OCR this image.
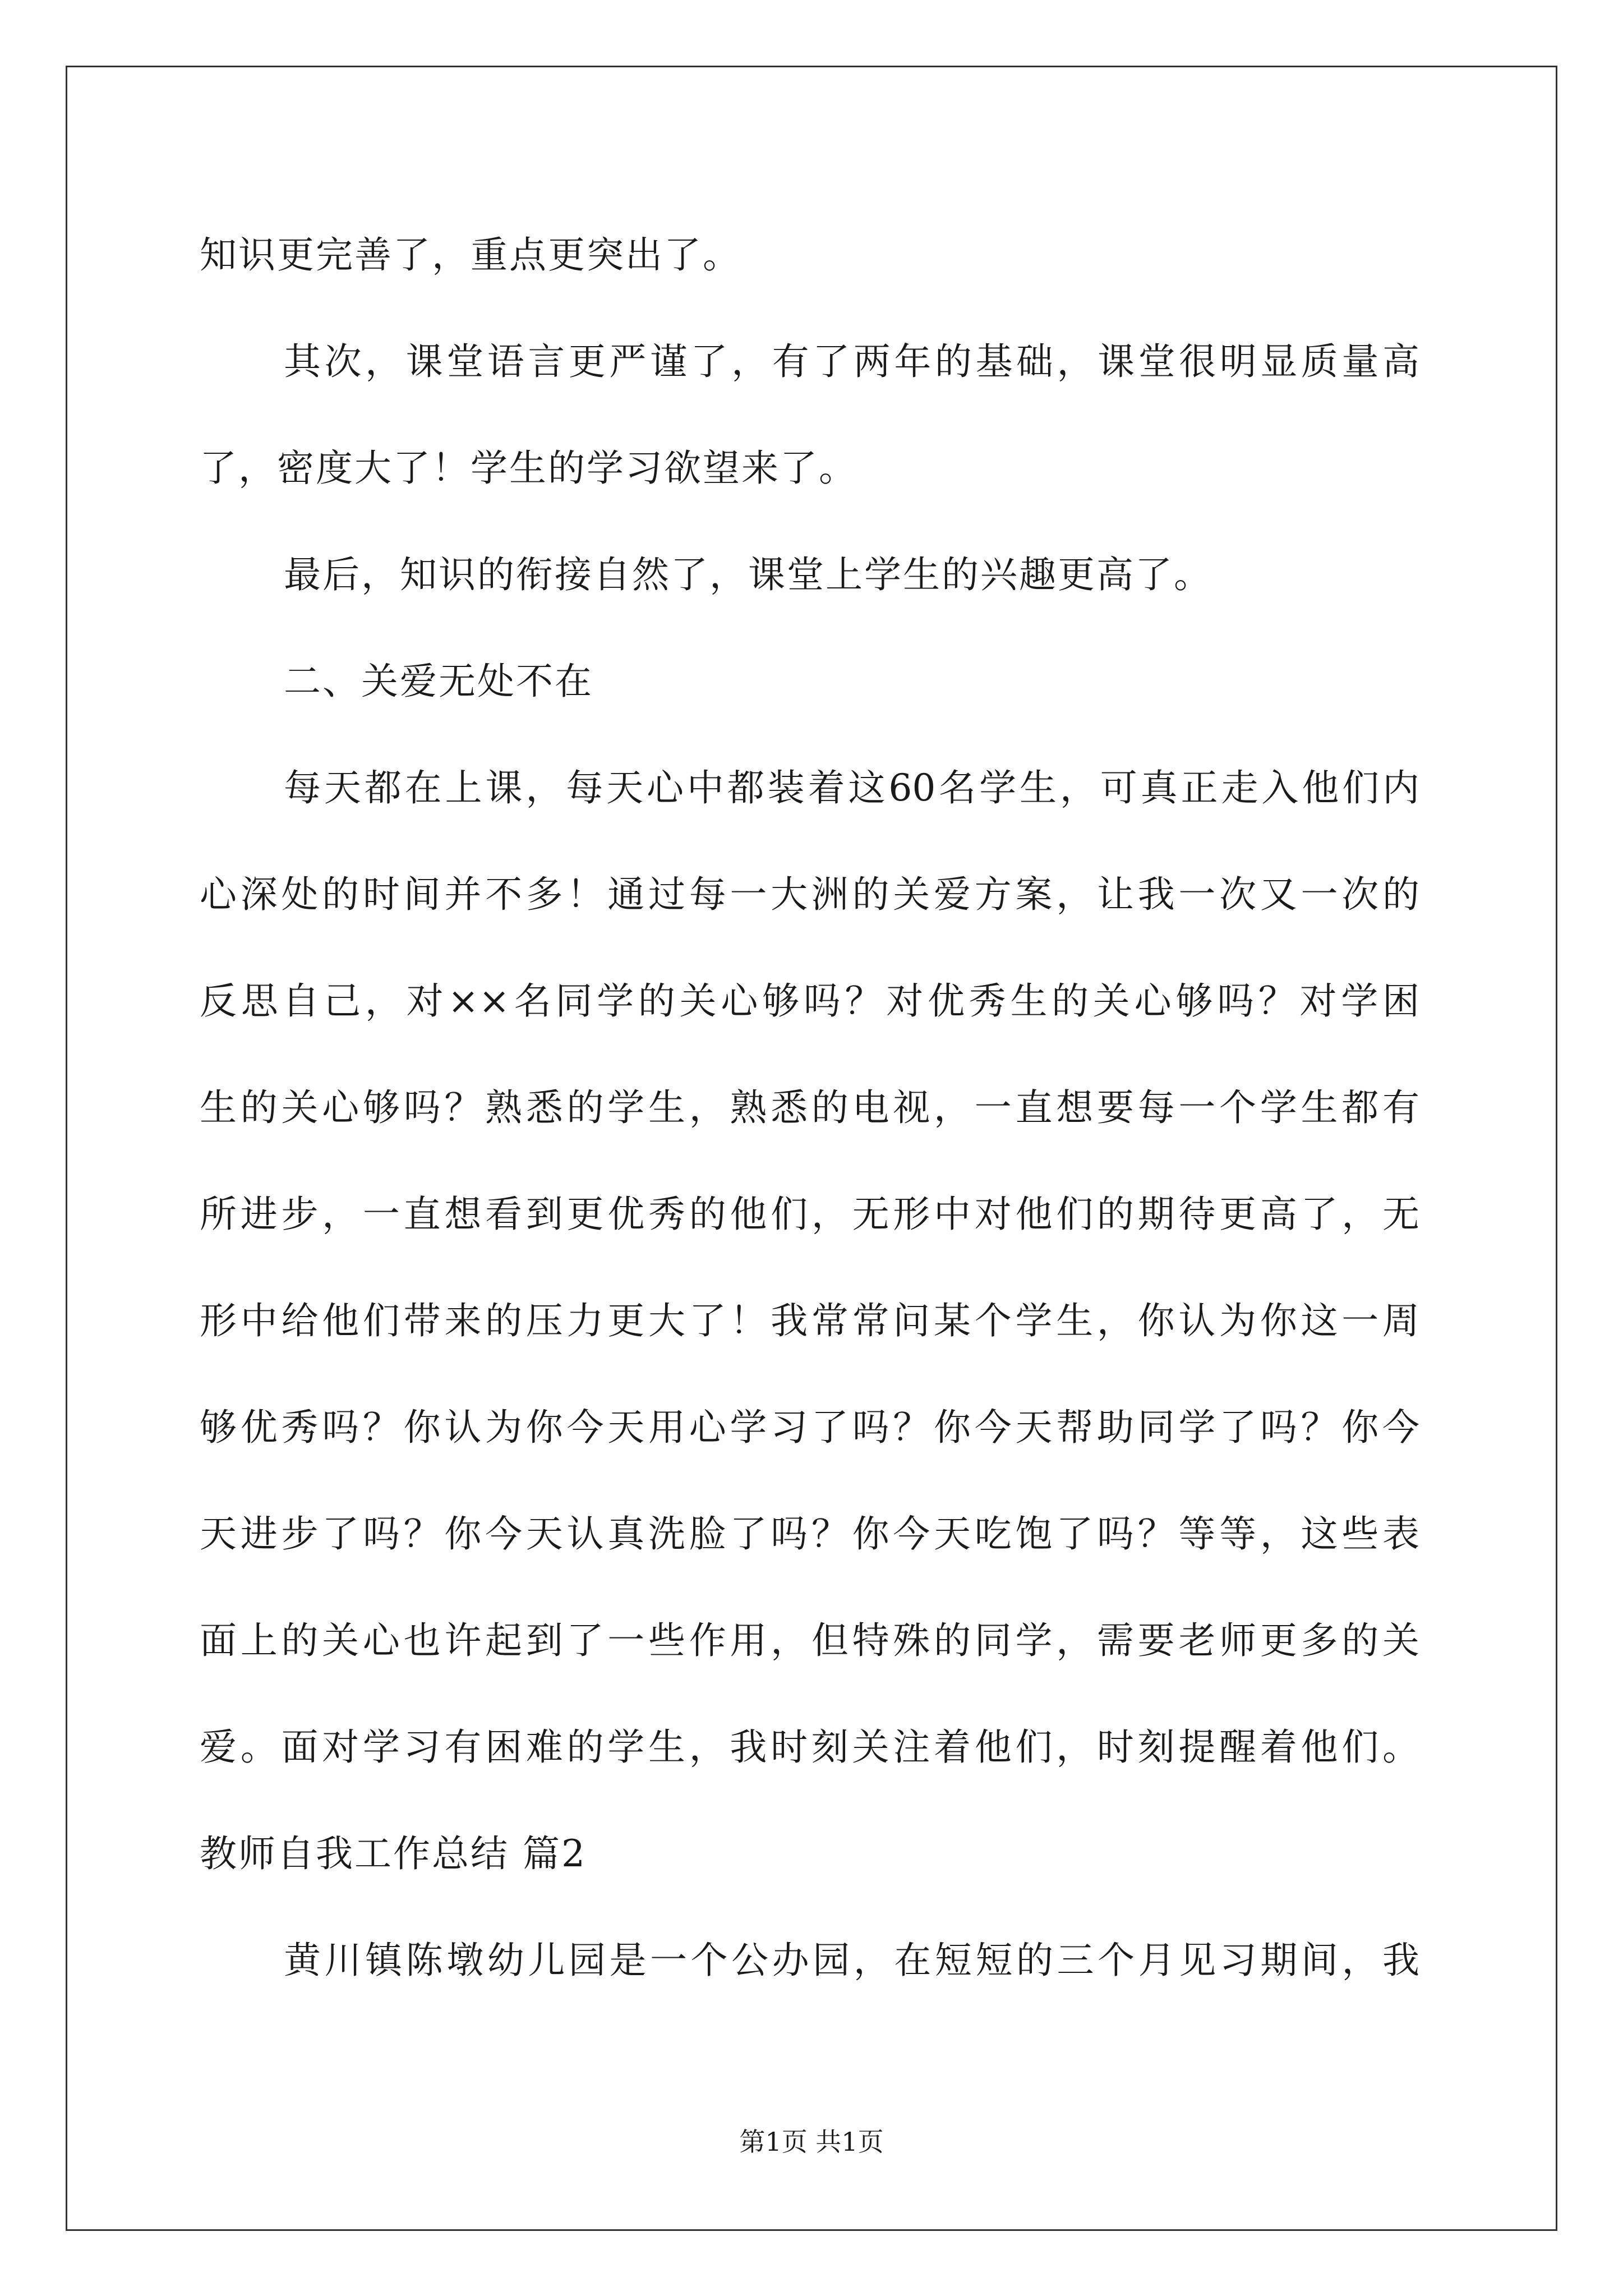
知识更完善了，重点更突出了。
其次，课堂语言更严谨了，有了两年的基础，课堂很明显质量高
了，密度大了！学生的学习欲望来了。
最后，知识的衔接自然了，课堂上学生的兴趣更高了。
二、关爱无处不在
每天都在上课，每天心中都装着这60名学生，可真正走入他们内
心深处的时间并不多！通过每一大洲的关爱方案，让我一次又一次的
反思自己，对××名同学的关心够吗？对优秀生的关心够吗？对学困
生的关心够吗？熟悉的学生，熟悉的电视，一直想要每一个学生都有
所进步，一直想看到更优秀的他们，无形中对他们的期待更高了，无
形中给他们带来的压力更大了！我常常问某个学生，你认为你这一周
够优秀吗？你认为你今天用心学习了吗？你今天帮助同学了吗？你今
天进步了吗？你今天认真洗脸了吗？你今天吃饱了吗？等等，这些表
面上的关心也许起到了一些作用，但特殊的同学，需要老师更多的关
爱。面对学习有困难的学生，我时刻关注着他们，时刻提醒着他们。
教师自我工作总结 篇2
黄川镇陈墩幼儿园是一个公办园，在短短的三个月见习期间，我
第1页 共1页
